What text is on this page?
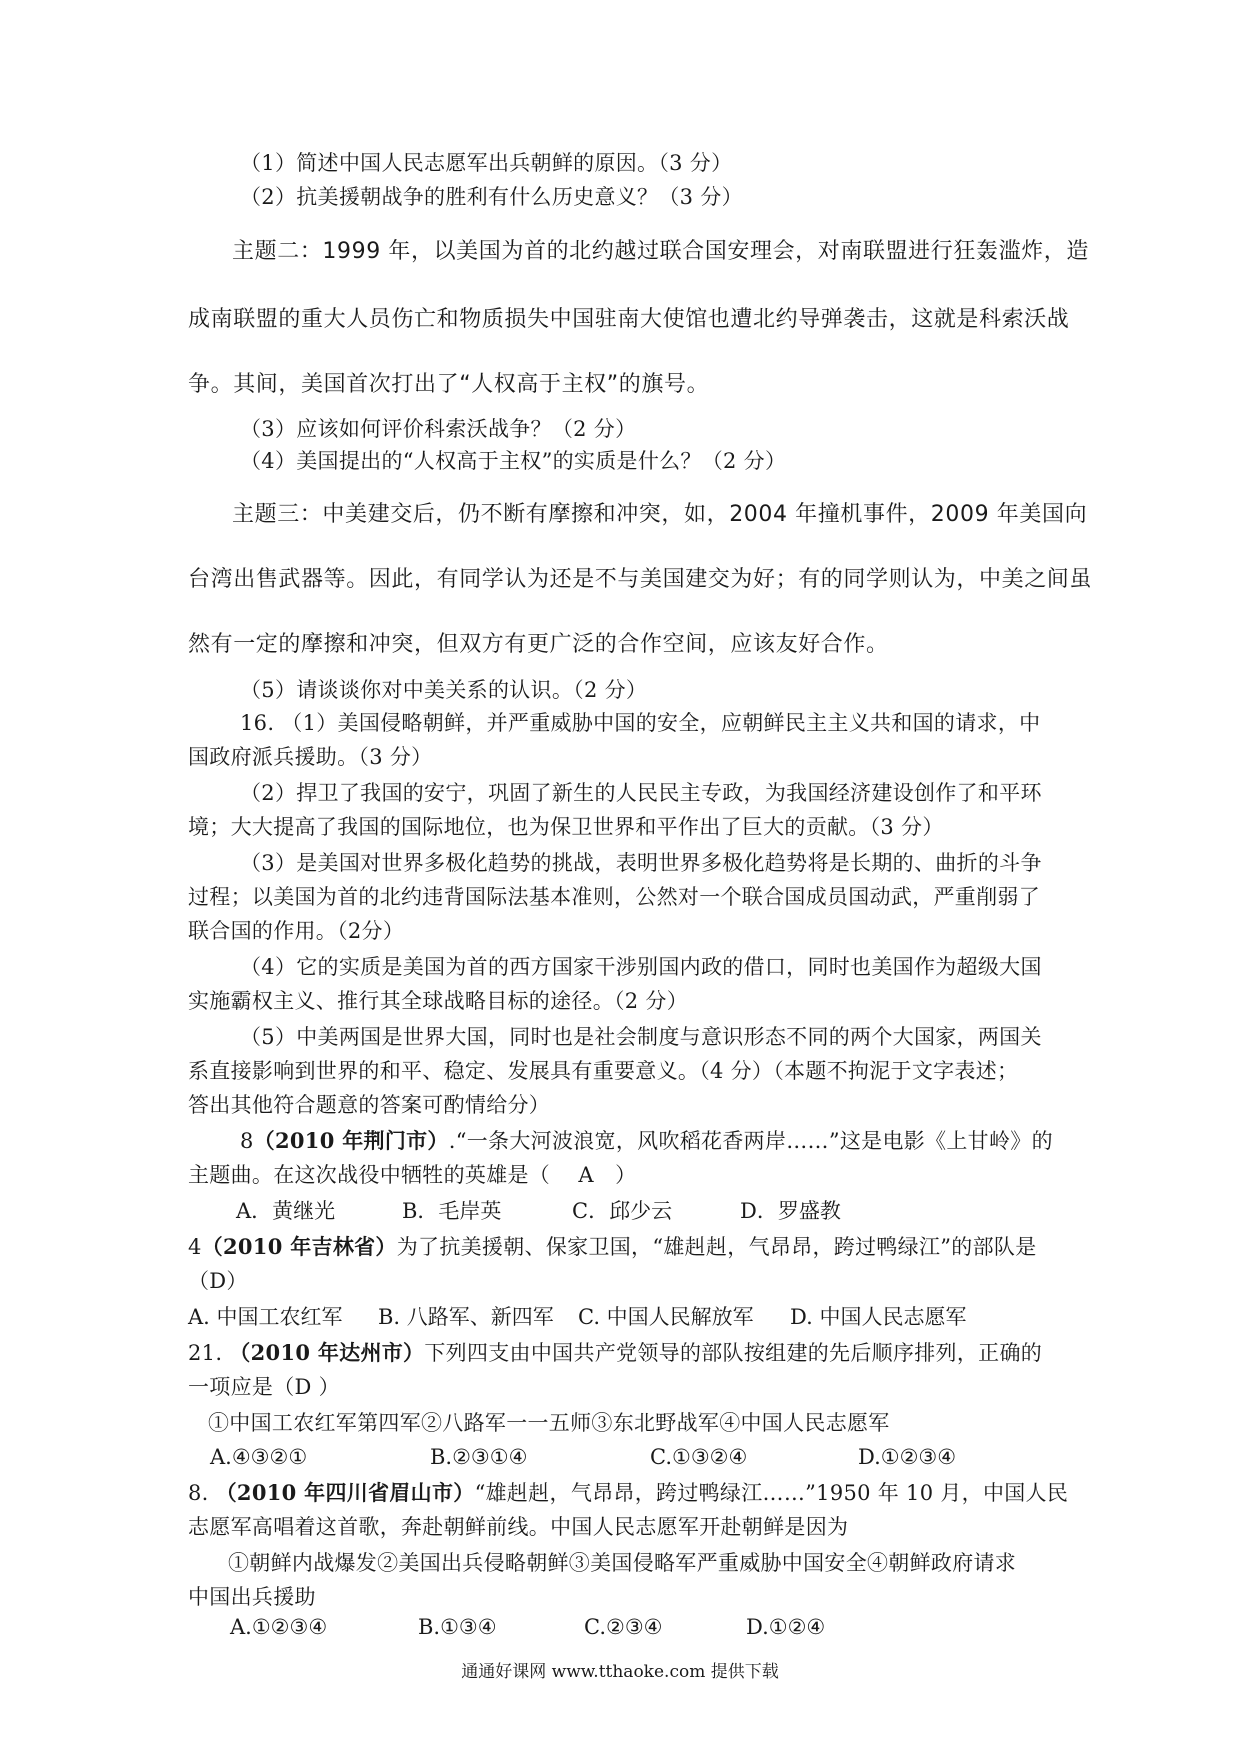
（1）简述中国人民志愿军出兵朝鲜的原因。（3 分）
（2）抗美援朝战争的胜利有什么历史意义？（3 分）
主题二：1999 年，以美国为首的北约越过联合国安理会，对南联盟进行狂轰滥炸，造
成南联盟的重大人员伤亡和物质损失中国驻南大使馆也遭北约导弹袭击，这就是科索沃战
争。其间，美国首次打出了“人权高于主权”的旗号。
（3）应该如何评价科索沃战争？（2 分）
（4）美国提出的“人权高于主权”的实质是什么？（2 分）
主题三：中美建交后，仍不断有摩擦和冲突，如，2004 年撞机事件，2009 年美国向
台湾出售武器等。因此，有同学认为还是不与美国建交为好；有的同学则认为，中美之间虽
然有一定的摩擦和冲突，但双方有更广泛的合作空间，应该友好合作。
（5）请谈谈你对中美关系的认识。（2 分）
16. （1）美国侵略朝鲜，并严重威胁中国的安全，应朝鲜民主主义共和国的请求，中
国政府派兵援助。（3 分）
（2）捍卫了我国的安宁，巩固了新生的人民民主专政，为我国经济建设创作了和平环
境；大大提高了我国的国际地位，也为保卫世界和平作出了巨大的贡献。（3 分）
（3）是美国对世界多极化趋势的挑战，表明世界多极化趋势将是长期的、曲折的斗争
过程；以美国为首的北约违背国际法基本准则，公然对一个联合国成员国动武，严重削弱了
联合国的作用。（2分）
（4）它的实质是美国为首的西方国家干涉别国内政的借口，同时也美国作为超级大国
实施霸权主义、推行其全球战略目标的途径。（2 分）
（5）中美两国是世界大国，同时也是社会制度与意识形态不同的两个大国家，两国关
系直接影响到世界的和平、稳定、发展具有重要意义。（4 分）（本题不拘泥于文字表述；
答出其他符合题意的答案可酌情给分）
8（2010 年荆门市）.“一条大河波浪宽，风吹稻花香两岸……”这是电影《上甘岭》的
主题曲。在这次战役中牺牲的英雄是（　 A　）
A．黄继光	B．毛岸英	C．邱少云	D．罗盛教
4（2010 年吉林省）为了抗美援朝、保家卫国，“雄赳赳，气昂昂，跨过鸭绿江”的部队是
（D）
A. 中国工农红军 B. 八路军、新四军 C. 中国人民解放军 D. 中国人民志愿军
21. （2010 年达州市）下列四支由中国共产党领导的部队按组建的先后顺序排列，正确的
一项应是（D ）
①中国工农红军第四军②八路军一一五师③东北野战军④中国人民志愿军
A.④③②①	B.②③①④	C.①③②④	D.①②③④
8. （2010 年四川省眉山市）“雄赳赳，气昂昂，跨过鸭绿江……”1950 年 10 月，中国人民
志愿军高唱着这首歌，奔赴朝鲜前线。中国人民志愿军开赴朝鲜是因为
①朝鲜内战爆发②美国出兵侵略朝鲜③美国侵略军严重威胁中国安全④朝鲜政府请求
中国出兵援助
A.①②③④	B.①③④	C.②③④	D.①②④
通通好课网 www.tthaoke.com 提供下载
